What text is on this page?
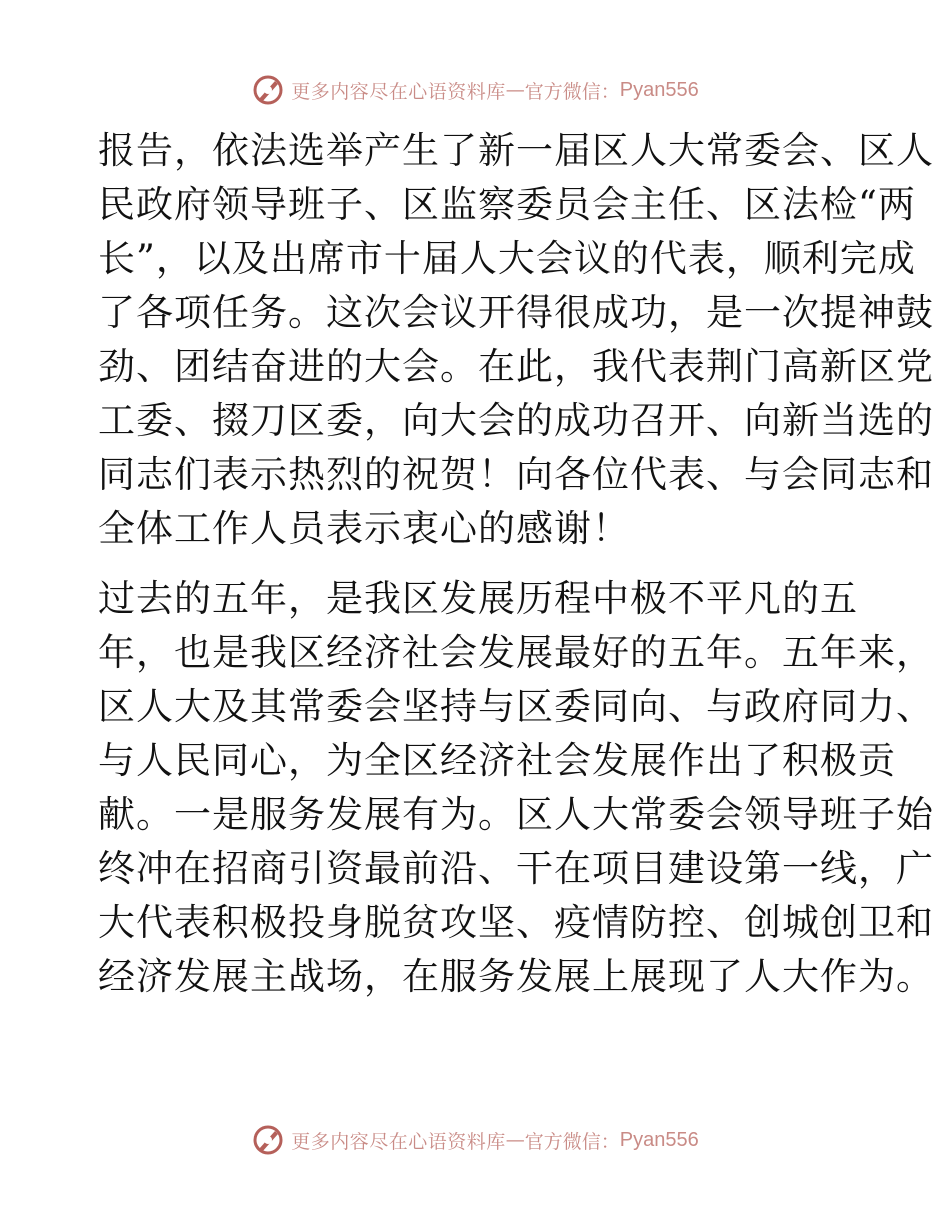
更多内容尽在心语资料库 — 官方微信： Pyan556

报告，依法选举产生了新一届区人大常委会、区人
民政府领导班子、区监察委员会主任、区法检“两
长”，以及出席市十届人大会议的代表，顺利完成
了各项任务。这次会议开得很成功，是一次提神鼓
劲、团结奋进的大会。在此，我代表荆门高新区党
工委、掇刀区委，向大会的成功召开、向新当选的
同志们表示热烈的祝贺！向各位代表、与会同志和
全体工作人员表示衷心的感谢！

过去的五年，是我区发展历程中极不平凡的五
年，也是我区经济社会发展最好的五年。五年来，
区人大及其常委会坚持与区委同向、与政府同力、
与人民同心，为全区经济社会发展作出了积极贡
献。一是服务发展有为。区人大常委会领导班子始
终冲在招商引资最前沿、干在项目建设第一线，广
大代表积极投身脱贫攻坚、疫情防控、创城创卫和
经济发展主战场，在服务发展上展现了人大作为。

更多内容尽在心语资料库 — 官方微信： Pyan556
